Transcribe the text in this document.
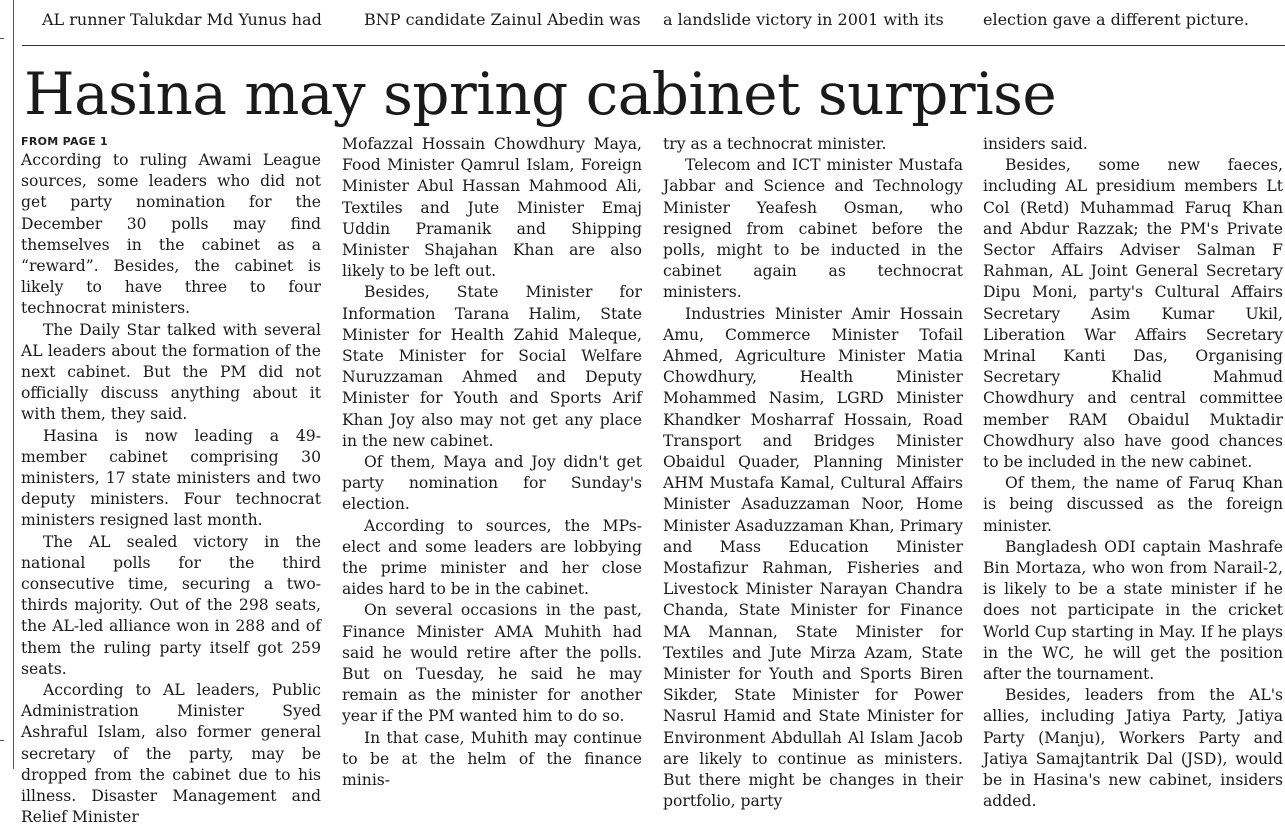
AL runner Talukdar Md Yunus had
	BNP candidate Zainul Abedin was
	a landslide victory in 2001 with its
	election gave a different picture.
Hasina may spring cabinet surprise

FROM PAGE 1

According to ruling Awami League sources, some leaders who did not get party nomination for the December 30 polls may find themselves in the cabinet as a “reward”. Besides, the cabinet is likely to have three to four technocrat ministers.

The Daily Star talked with several AL leaders about the formation of the next cabinet. But the PM did not officially discuss anything about it with them, they said.

Hasina is now leading a 49-member cabinet comprising 30 ministers, 17 state ministers and two deputy ministers. Four technocrat ministers resigned last month.

The AL sealed victory in the national polls for the third consecutive time, securing a two-thirds majority. Out of the 298 seats, the AL-led alliance won in 288 and of them the ruling party itself got 259 seats.

According to AL leaders, Public Administration Minister Syed Ashraful Islam, also former general secretary of the party, may be dropped from the cabinet due to his illness. Disaster Management and Relief Minister

Mofazzal Hossain Chowdhury Maya, Food Minister Qamrul Islam, Foreign Minister Abul Hassan Mahmood Ali, Textiles and Jute Minister Emaj Uddin Pramanik and Shipping Minister Shajahan Khan are also likely to be left out.

Besides, State Minister for Information Tarana Halim, State Minister for Health Zahid Maleque, State Minister for Social Welfare Nuruzzaman Ahmed and Deputy Minister for Youth and Sports Arif Khan Joy also may not get any place in the new cabinet.

Of them, Maya and Joy didn't get party nomination for Sunday's election.

According to sources, the MPs-elect and some leaders are lobbying the prime minister and her close aides hard to be in the cabinet.

On several occasions in the past, Finance Minister AMA Muhith had said he would retire after the polls. But on Tuesday, he said he may remain as the minister for another year if the PM wanted him to do so.

In that case, Muhith may continue to be at the helm of the finance minis-

try as a technocrat minister.

Telecom and ICT minister Mustafa Jabbar and Science and Technology Minister Yeafesh Osman, who resigned from cabinet before the polls, might to be inducted in the cabinet again as technocrat ministers.

Industries Minister Amir Hossain Amu, Commerce Minister Tofail Ahmed, Agriculture Minister Matia Chowdhury, Health Minister Mohammed Nasim, LGRD Minister Khandker Mosharraf Hossain, Road Transport and Bridges Minister Obaidul Quader, Planning Minister AHM Mustafa Kamal, Cultural Affairs Minister Asaduzzaman Noor, Home Minister Asaduzzaman Khan, Primary and Mass Education Minister Mostafizur Rahman, Fisheries and Livestock Minister Narayan Chandra Chanda, State Minister for Finance MA Mannan, State Minister for Textiles and Jute Mirza Azam, State Minister for Youth and Sports Biren Sikder, State Minister for Power Nasrul Hamid and State Minister for Environment Abdullah Al Islam Jacob are likely to continue as ministers. But there might be changes in their portfolio, party

insiders said.

Besides, some new faeces, including AL presidium members Lt Col (Retd) Muhammad Faruq Khan and Abdur Razzak; the PM's Private Sector Affairs Adviser Salman F Rahman, AL Joint General Secretary Dipu Moni, party's Cultural Affairs Secretary Asim Kumar Ukil, Liberation War Affairs Secretary Mrinal Kanti Das, Organising Secretary Khalid Mahmud Chowdhury and central committee member RAM Obaidul Muktadir Chowdhury also have good chances to be included in the new cabinet.

Of them, the name of Faruq Khan is being discussed as the foreign minister.

Bangladesh ODI captain Mashrafe Bin Mortaza, who won from Narail-2, is likely to be a state minister if he does not participate in the cricket World Cup starting in May. If he plays in the WC, he will get the position after the tournament.

Besides, leaders from the AL's allies, including Jatiya Party, Jatiya Party (Manju), Workers Party and Jatiya Samajtantrik Dal (JSD), would be in Hasina's new cabinet, insiders added.
